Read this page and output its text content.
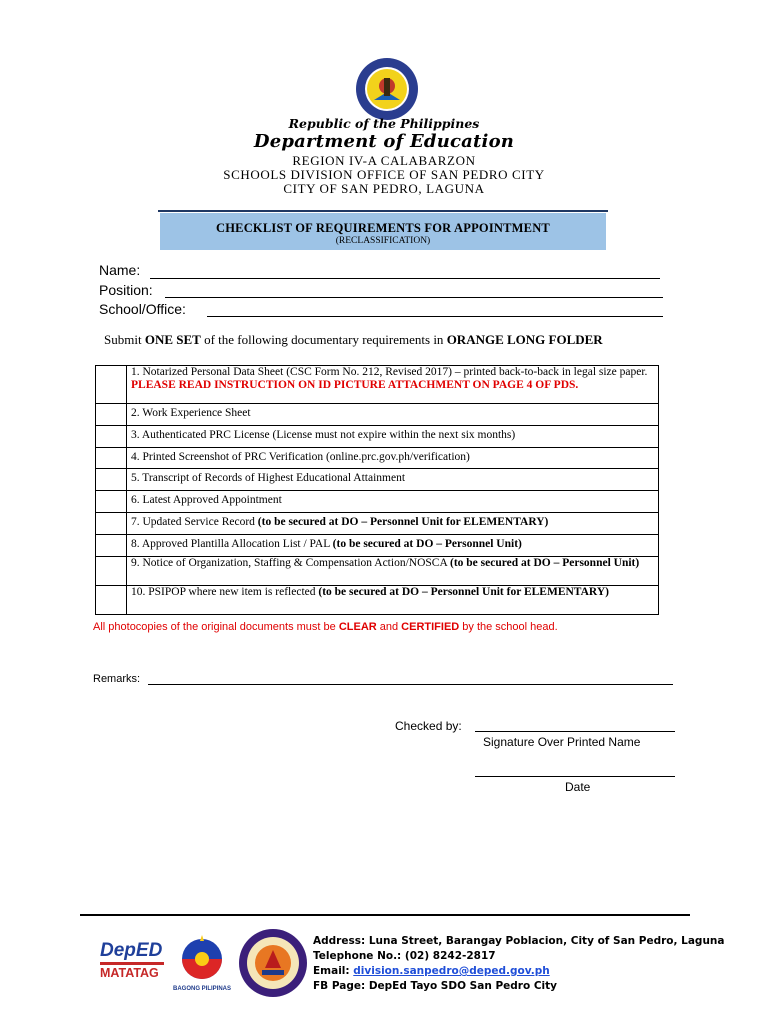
Republic of the Philippines
Department of Education
REGION IV-A CALABARZON
SCHOOLS DIVISION OFFICE OF SAN PEDRO CITY
CITY OF SAN PEDRO, LAGUNA
CHECKLIST OF REQUIREMENTS FOR APPOINTMENT
(RECLASSIFICATION)
Name:
Position:
School/Office:
Submit ONE SET of the following documentary requirements in ORANGE LONG FOLDER
	1. Notarized Personal Data Sheet (CSC Form No. 212, Revised 2017) – printed back-to-back in legal size paper. PLEASE READ INSTRUCTION ON ID PICTURE ATTACHMENT ON PAGE 4 OF PDS.
	2. Work Experience Sheet
	3. Authenticated PRC License (License must not expire within the next six months)
	4. Printed Screenshot of PRC Verification (online.prc.gov.ph/verification)
	5. Transcript of Records of Highest Educational Attainment
	6. Latest Approved Appointment
	7. Updated Service Record (to be secured at DO – Personnel Unit for ELEMENTARY)
	8. Approved Plantilla Allocation List / PAL (to be secured at DO – Personnel Unit)
	9. Notice of Organization, Staffing & Compensation Action/NOSCA (to be secured at DO – Personnel Unit)
	10. PSIPOP where new item is reflected (to be secured at DO – Personnel Unit for ELEMENTARY)
All photocopies of the original documents must be CLEAR and CERTIFIED by the school head.
Remarks:
Checked by:
Signature Over Printed Name
Date
DepED
MATATAG
BAGONG PILIPINAS
Address: Luna Street, Barangay Poblacion, City of San Pedro, Laguna
Telephone No.: (02) 8242-2817
Email: division.sanpedro@deped.gov.ph
FB Page: DepEd Tayo SDO San Pedro City
